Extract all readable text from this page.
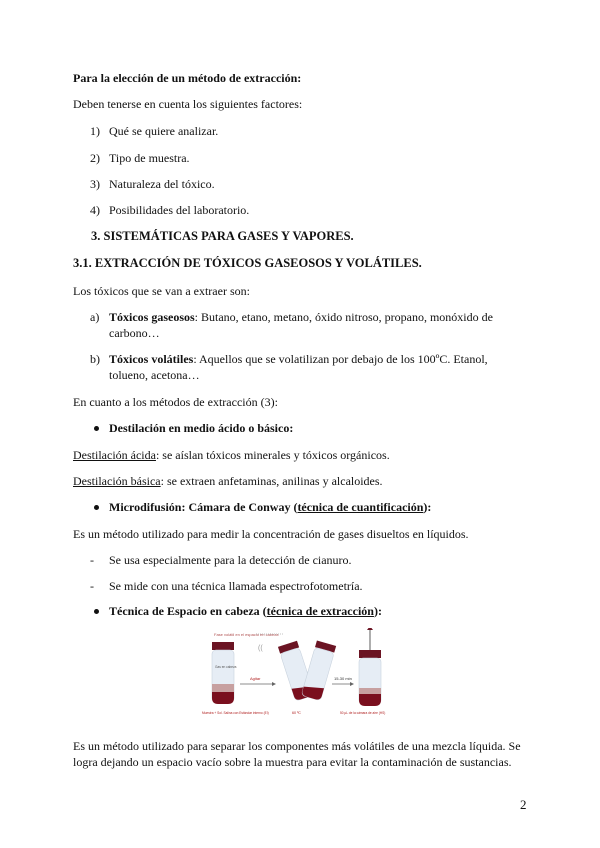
Para la elección de un método de extracción:
Deben tenerse en cuenta los siguientes factores:
1) Qué se quiere analizar.
2) Tipo de muestra.
3) Naturaleza del tóxico.
4) Posibilidades del laboratorio.
3. SISTEMÁTICAS PARA GASES Y VAPORES.
3.1. EXTRACCIÓN DE TÓXICOS GASEOSOS Y VOLÁTILES.
Los tóxicos que se van a extraer son:
a) Tóxicos gaseosos: Butano, etano, metano, óxido nitroso, propano, monóxido de
carbono…
b) Tóxicos volátiles: Aquellos que se volatilizan por debajo de los 100ºC. Etanol,
tolueno, acetona…
En cuanto a los métodos de extracción (3):
Destilación en medio ácido o básico:
Destilación ácida: se aíslan tóxicos minerales y tóxicos orgánicos.
Destilación básica: se extraen anfetaminas, anilinas y alcaloides.
Microdifusión: Cámara de Conway (técnica de cuantificación):
Es un método utilizado para medir la concentración de gases disueltos en líquidos.
- Se usa especialmente para la detección de cianuro.
- Se mide con una técnica llamada espectrofotometría.
Técnica de Espacio en cabeza (técnica de extracción):
Fase volátil en el espacio en cabeza
Gas en cabeza
Agitar
((
15-30 min
Muestra + Sol. Salina con Estándar interno (EI)	60 ºC	50 µL de la cámara de aire (HS)
Es un método utilizado para separar los componentes más volátiles de una mezcla líquida. Se
logra dejando un espacio vacío sobre la muestra para evitar la contaminación de sustancias.
2
